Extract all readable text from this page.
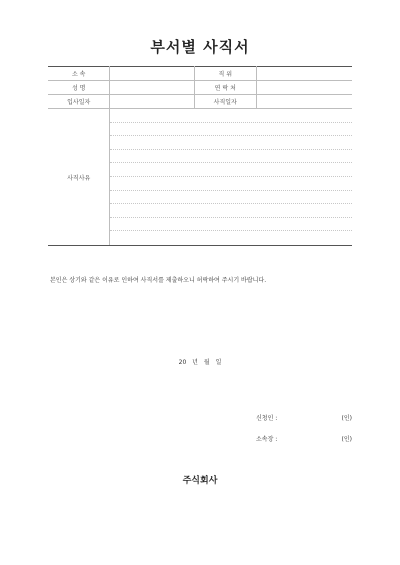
부서별 사직서
소 속		직 위	
성 명		연 락 처	
입사일자		사직일자	
사직사유			
본인은 상기와 같은 이유로 인하여 사직서를 제출하오니 허락하여 주시기 바랍니다.
20 년 월 일
신청인 :	(인)
소속장 :	(인)
주식회사
